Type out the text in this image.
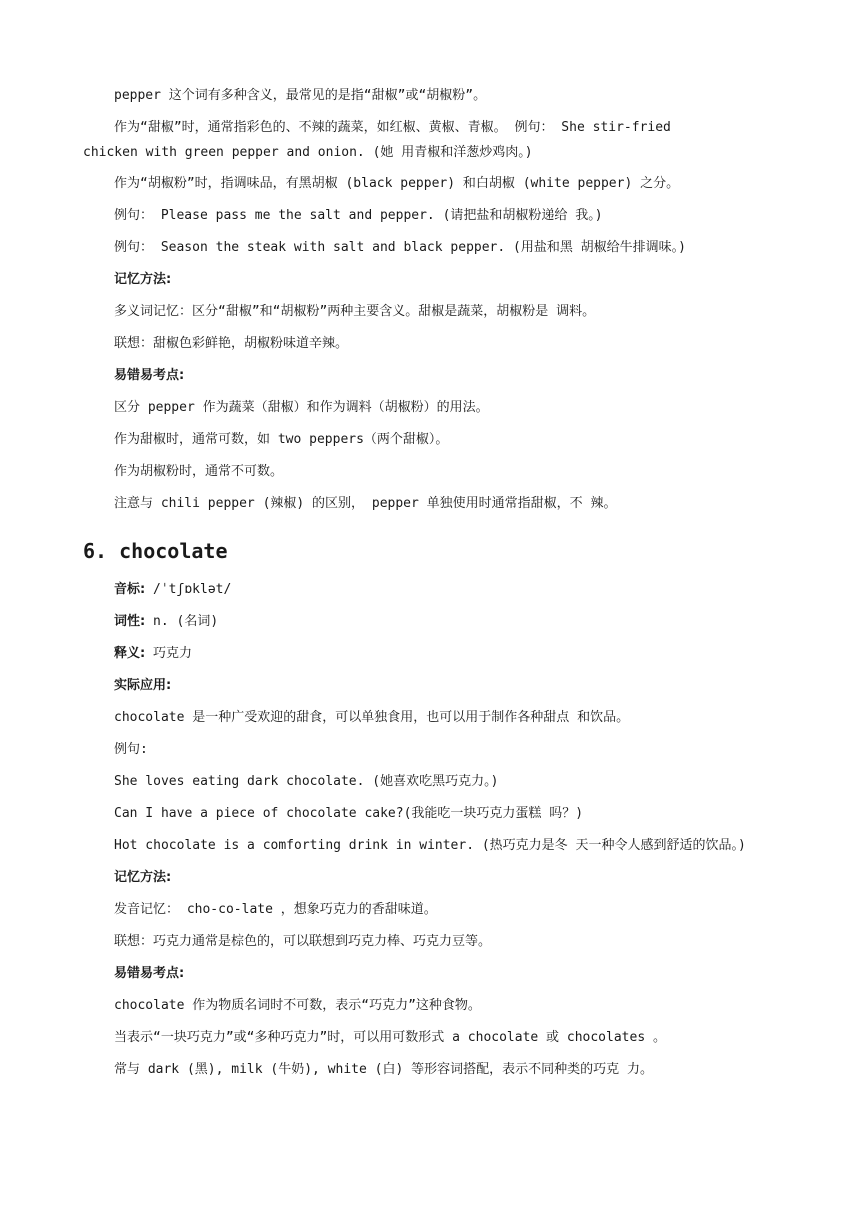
pepper 这个词有多种含义，最常见的是指“甜椒”或“胡椒粉”。
作为“甜椒”时，通常指彩色的、不辣的蔬菜，如红椒、黄椒、青椒。 例句： She stir-fried
chicken with green pepper and onion. (她 用青椒和洋葱炒鸡肉。)
作为“胡椒粉”时，指调味品，有黑胡椒 (black pepper) 和白胡椒 (white pepper) 之分。
例句： Please pass me the salt and pepper. (请把盐和胡椒粉递给 我。)
例句： Season the steak with salt and black pepper. (用盐和黑 胡椒给牛排调味。)
记忆方法:
多义词记忆：区分“甜椒”和“胡椒粉”两种主要含义。甜椒是蔬菜，胡椒粉是 调料。
联想：甜椒色彩鲜艳，胡椒粉味道辛辣。
易错易考点:
区分 pepper 作为蔬菜（甜椒）和作为调料（胡椒粉）的用法。
作为甜椒时，通常可数，如 two peppers（两个甜椒）。
作为胡椒粉时，通常不可数。
注意与 chili pepper (辣椒) 的区别， pepper 单独使用时通常指甜椒，不 辣。
6. chocolate
音标: /ˈtʃɒklət/
词性: n. (名词)
释义: 巧克力
实际应用:
chocolate 是一种广受欢迎的甜食，可以单独食用，也可以用于制作各种甜点 和饮品。
例句:
She loves eating dark chocolate. (她喜欢吃黑巧克力。)
Can I have a piece of chocolate cake?(我能吃一块巧克力蛋糕 吗？)
Hot chocolate is a comforting drink in winter. (热巧克力是冬 天一种令人感到舒适的饮品。)
记忆方法:
发音记忆： cho-co-late ，想象巧克力的香甜味道。
联想：巧克力通常是棕色的，可以联想到巧克力棒、巧克力豆等。
易错易考点:
chocolate 作为物质名词时不可数，表示“巧克力”这种食物。
当表示“一块巧克力”或“多种巧克力”时，可以用可数形式 a chocolate 或 chocolates 。
常与 dark (黑), milk (牛奶), white (白) 等形容词搭配，表示不同种类的巧克 力。
